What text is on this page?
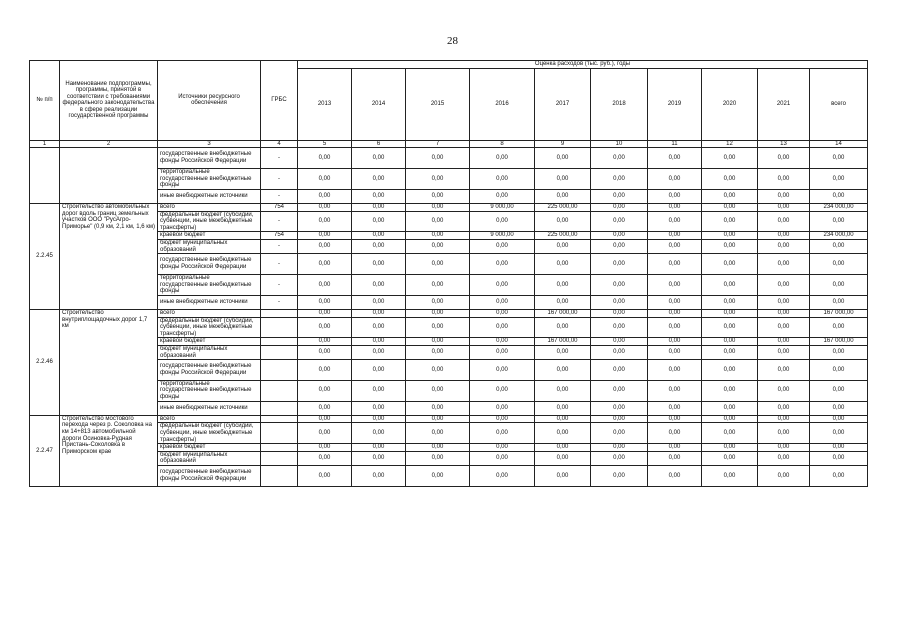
28
№ п/п	Наименование подпрограммы, программы, принятой в соответствии с требованиями федерального законодательства в сфере реализации государственной программы	Источники ресурсного обеспечения	ГРБС	Оценка расходов (тыс. руб.), годы									
				2013	2014	2015	2016	2017	2018	2019	2020	2021	всего
1	2	3	4	5	6	7	8	9	10	11	12	13	14
		государственные внебюджетные фонды Российской Федерации	-	0,00	0,00	0,00	0,00	0,00	0,00	0,00	0,00	0,00	0,00
		территориальные государственные внебюджетные фонды	-	0,00	0,00	0,00	0,00	0,00	0,00	0,00	0,00	0,00	0,00
		иные внебюджетные источники	-	0,00	0,00	0,00	0,00	0,00	0,00	0,00	0,00	0,00	0,00
2.2.45	Строительство автомобильных дорог вдоль границ земельных участков ООО "РусАгро-Приморье" (0,9 км, 2,1 км, 1,6 км)	всего	754	0,00	0,00	0,00	9 000,00	225 000,00	0,00	0,00	0,00	0,00	234 000,00
		федеральный бюджет (субсидии, субвенции, иные межбюджетные трансферты)	-	0,00	0,00	0,00	0,00	0,00	0,00	0,00	0,00	0,00	0,00
		краевой бюджет	754	0,00	0,00	0,00	9 000,00	225 000,00	0,00	0,00	0,00	0,00	234 000,00
		бюджет муниципальных образований	-	0,00	0,00	0,00	0,00	0,00	0,00	0,00	0,00	0,00	0,00
		государственные внебюджетные фонды Российской Федерации	-	0,00	0,00	0,00	0,00	0,00	0,00	0,00	0,00	0,00	0,00
		территориальные государственные внебюджетные фонды	-	0,00	0,00	0,00	0,00	0,00	0,00	0,00	0,00	0,00	0,00
		иные внебюджетные источники	-	0,00	0,00	0,00	0,00	0,00	0,00	0,00	0,00	0,00	0,00
2.2.46	Строительство внутриплощадочных дорог 1,7 км	всего		0,00	0,00	0,00	0,00	167 000,00	0,00	0,00	0,00	0,00	167 000,00
		федеральный бюджет (субсидии, субвенции, иные межбюджетные трансферты)		0,00	0,00	0,00	0,00	0,00	0,00	0,00	0,00	0,00	0,00
		краевой бюджет		0,00	0,00	0,00	0,00	167 000,00	0,00	0,00	0,00	0,00	167 000,00
		бюджет муниципальных образований		0,00	0,00	0,00	0,00	0,00	0,00	0,00	0,00	0,00	0,00
		государственные внебюджетные фонды Российской Федерации		0,00	0,00	0,00	0,00	0,00	0,00	0,00	0,00	0,00	0,00
		территориальные государственные внебюджетные фонды		0,00	0,00	0,00	0,00	0,00	0,00	0,00	0,00	0,00	0,00
		иные внебюджетные источники		0,00	0,00	0,00	0,00	0,00	0,00	0,00	0,00	0,00	0,00
2.2.47	Строительство мостового перехода через р. Соколовка на км 14+813 автомобильной дороги Осиновка-Рудная Пристань-Соколовка в Приморском крае	всего		0,00	0,00	0,00	0,00	0,00	0,00	0,00	0,00	0,00	0,00
		федеральный бюджет (субсидии, субвенции, иные межбюджетные трансферты)		0,00	0,00	0,00	0,00	0,00	0,00	0,00	0,00	0,00	0,00
		краевой бюджет		0,00	0,00	0,00	0,00	0,00	0,00	0,00	0,00	0,00	0,00
		бюджет муниципальных образований		0,00	0,00	0,00	0,00	0,00	0,00	0,00	0,00	0,00	0,00
		государственные внебюджетные фонды Российской Федерации		0,00	0,00	0,00	0,00	0,00	0,00	0,00	0,00	0,00	0,00
